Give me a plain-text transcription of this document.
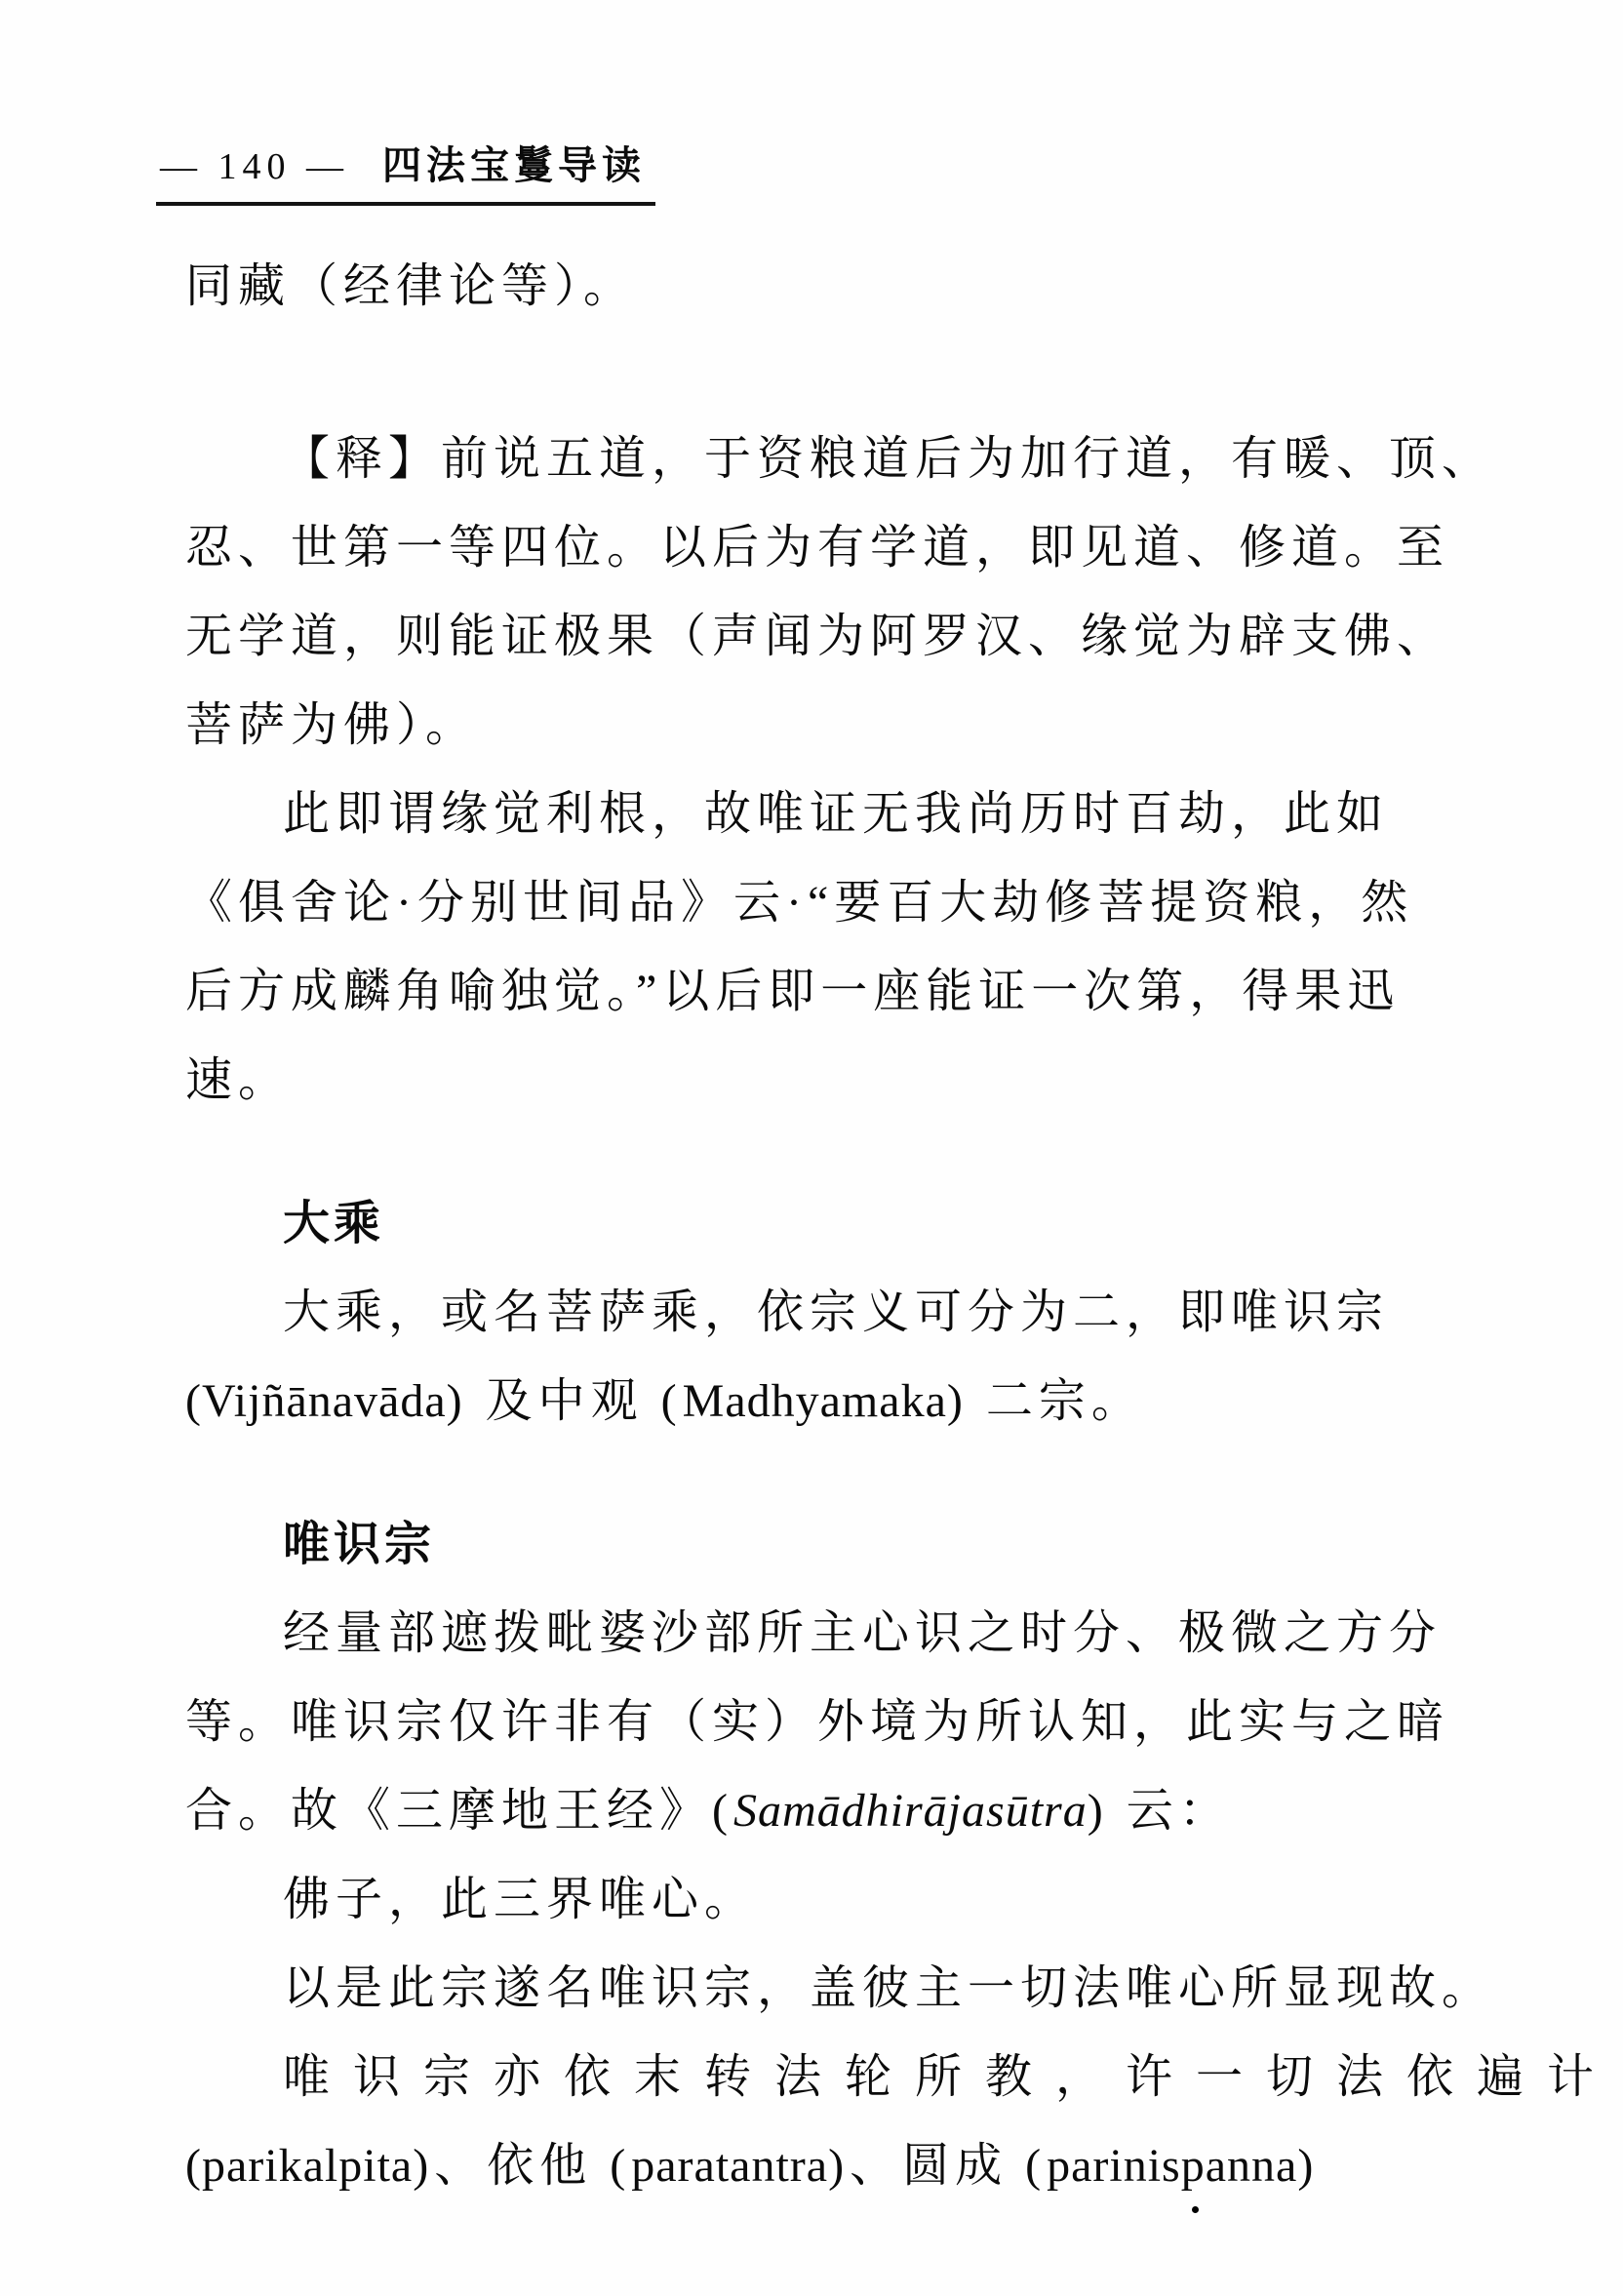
— 140 — 四法宝鬘导读
同藏（经律论等）。
【释】前说五道，于资粮道后为加行道，有暖、顶、
忍、世第一等四位。以后为有学道，即见道、修道。至
无学道，则能证极果（声闻为阿罗汉、缘觉为辟支佛、
菩萨为佛）。
此即谓缘觉利根，故唯证无我尚历时百劫，此如
《俱舍论·分别世间品》云·“要百大劫修菩提资粮，然
后方成麟角喻独觉。”以后即一座能证一次第，得果迅
速。
大乘
大乘，或名菩萨乘，依宗义可分为二，即唯识宗
(Vijñānavāda) 及中观 (Madhyamaka) 二宗。
唯识宗
经量部遮拨毗婆沙部所主心识之时分、极微之方分
等。唯识宗仅许非有（实）外境为所认知，此实与之暗
合。故《三摩地王经》(Samādhirājasūtra) 云：
佛子，此三界唯心。
以是此宗遂名唯识宗，盖彼主一切法唯心所显现故。
唯识宗亦依末转法轮所教，许一切法依遍计
(parikalpita)、依他 (paratantra)、圆成 (parinispanna)
